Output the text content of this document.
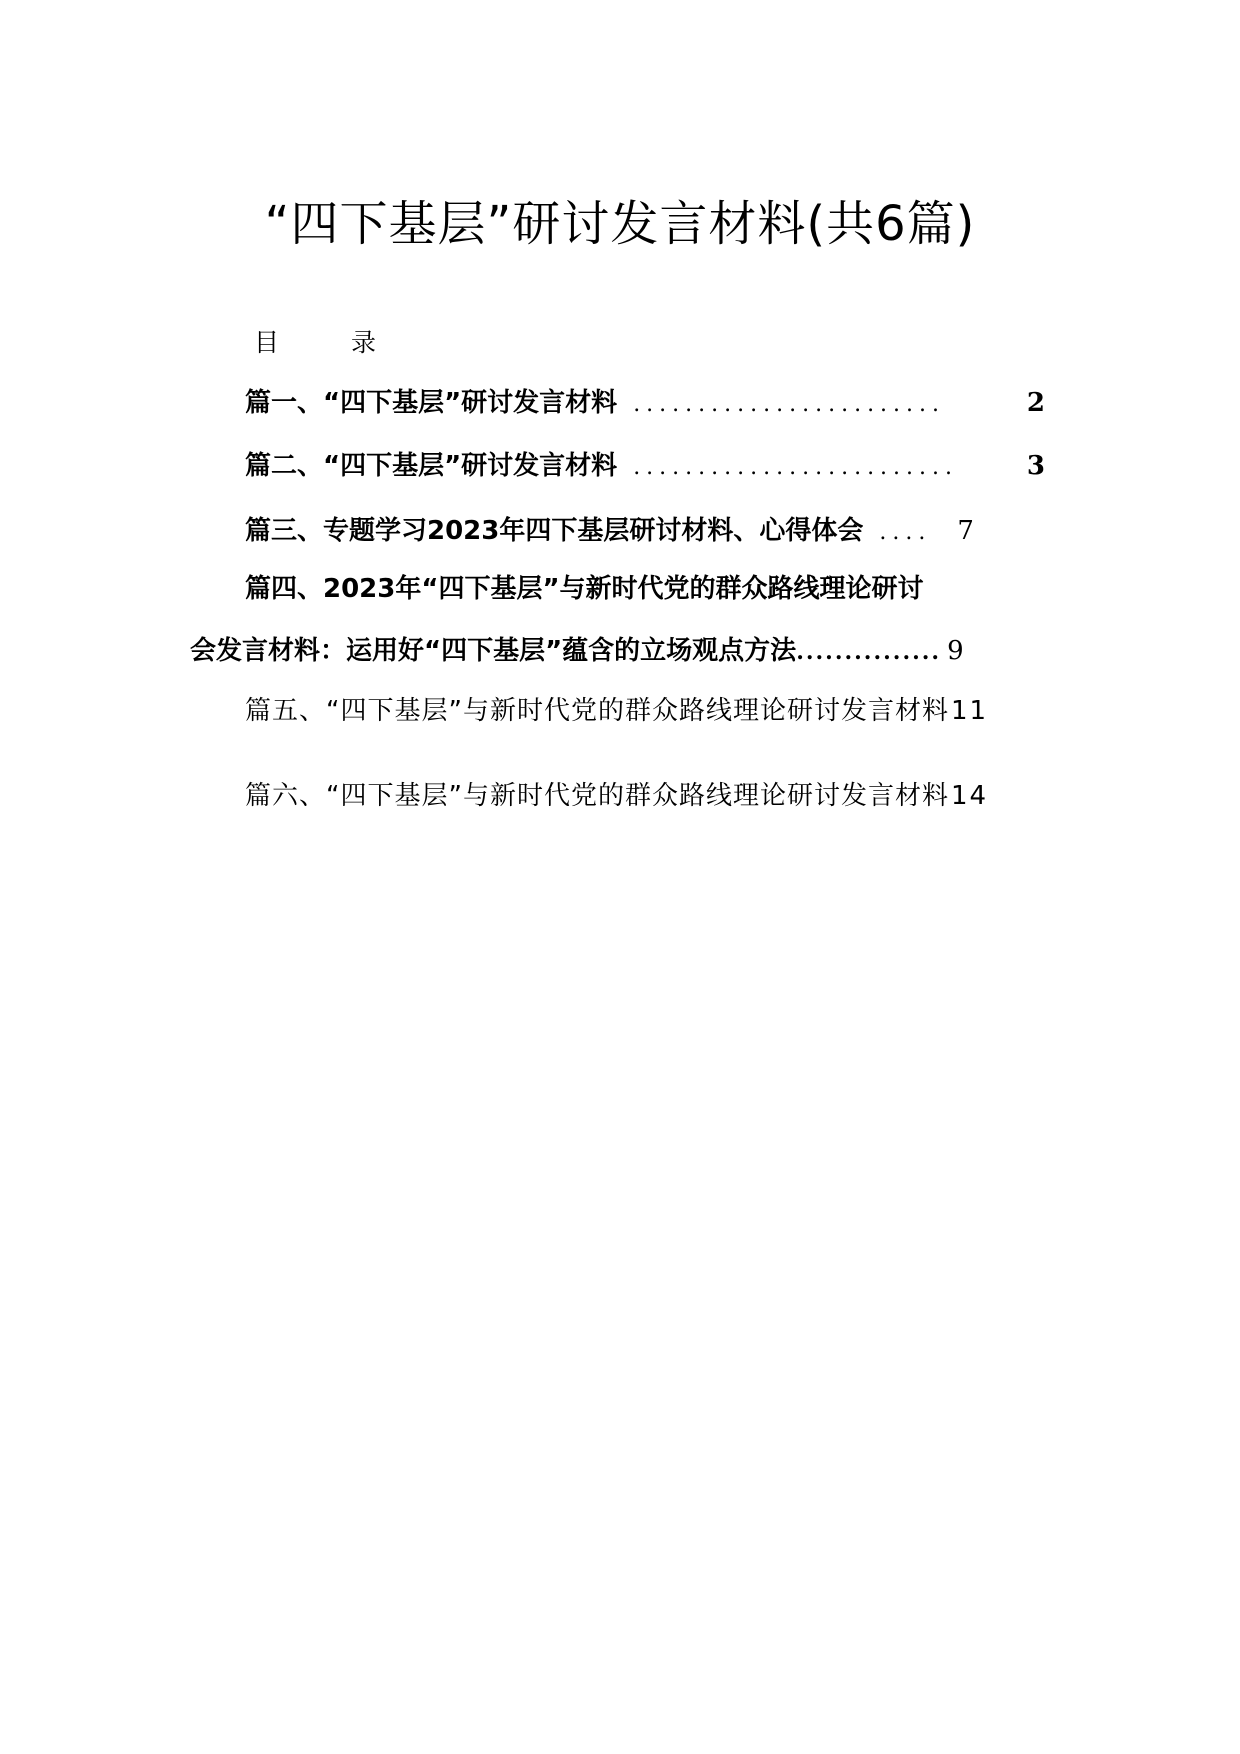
“四下基层”研讨发言材料(共6篇)
目 录
篇一、“四下基层”研讨发言材料 ........................	2
篇二、“四下基层”研讨发言材料 .........................	3
篇三、专题学习2023年四下基层研讨材料、心得体会 .... 7
篇四、2023年“四下基层”与新时代党的群众路线理论研讨
会发言材料：运用好“四下基层”蕴含的立场观点方法 ............... 9
篇五、“四下基层”与新时代党的群众路线理论研讨发言材料 11
篇六、“四下基层”与新时代党的群众路线理论研讨发言材料 14
